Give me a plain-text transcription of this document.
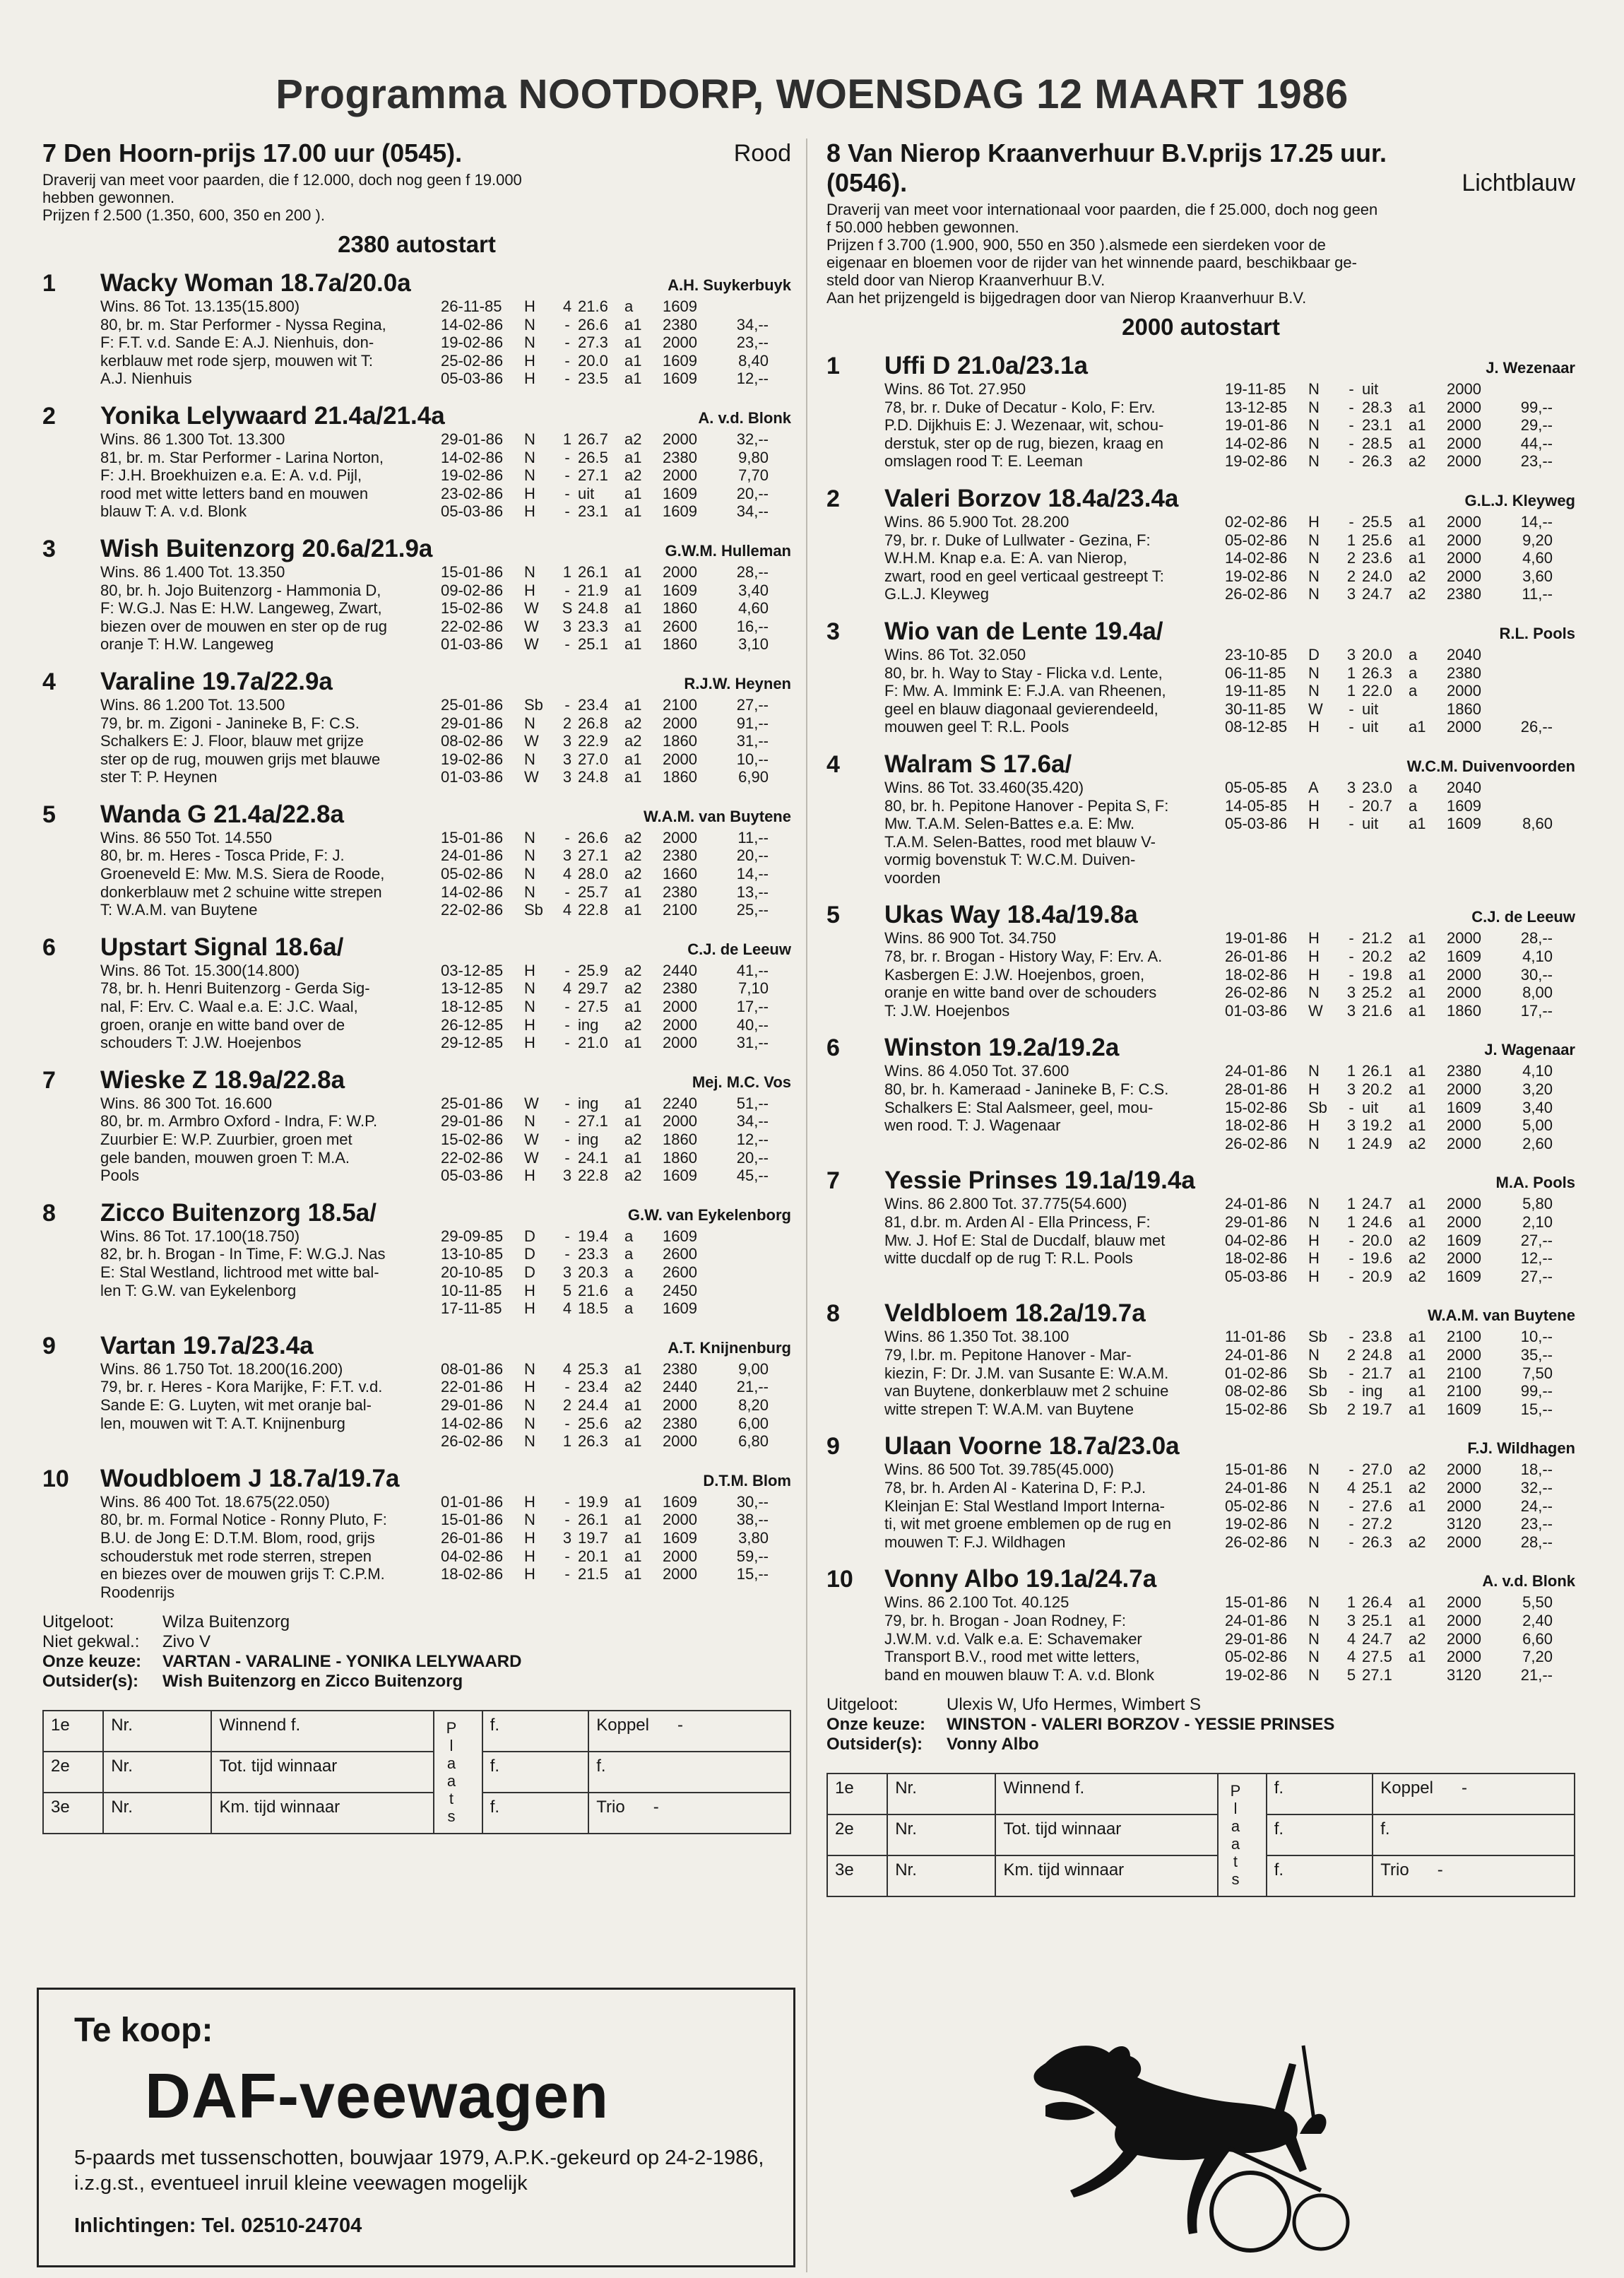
Programma NOOTDORP, WOENSDAG 12 MAART 1986
7 Den Hoorn-prijs 17.00 uur (0545).	Rood
Draverij van meet voor paarden, die f 12.000, doch nog geen f 19.000
hebben gewonnen.
Prijzen f 2.500 (1.350, 600, 350 en 200 ).
2380 autostart
1	Wacky Woman 18.7a/20.0a	A.H. Suykerbuyk
Wins. 86 Tot. 13.135(15.800)
80, br. m. Star Performer - Nyssa Regina,
F: F.T. v.d. Sande E: A.J. Nienhuis, don-
kerblauw met rode sjerp, mouwen wit T:
A.J. Nienhuis
26-11-85	H	4 21.6	a	1609
14-02-86	N	- 26.6	a1	2380	34,--
19-02-86	N	- 27.3	a1	2000	23,--
25-02-86	H	- 20.0	a1	1609	8,40
05-03-86	H	- 23.5	a1	1609	12,--
2	Yonika Lelywaard 21.4a/21.4a	A. v.d. Blonk
Wins. 86 1.300 Tot. 13.300
81, br. m. Star Performer - Larina Norton,
F: J.H. Broekhuizen e.a. E: A. v.d. Pijl,
rood met witte letters band en mouwen
blauw T: A. v.d. Blonk
29-01-86	N	1 26.7	a2	2000	32,--
14-02-86	N	- 26.5	a1	2380	9,80
19-02-86	N	- 27.1	a2	2000	7,70
23-02-86	H	- uit	a1	1609	20,--
05-03-86	H	- 23.1	a1	1609	34,--
3	Wish Buitenzorg 20.6a/21.9a	G.W.M. Hulleman
Wins. 86 1.400 Tot. 13.350
80, br. h. Jojo Buitenzorg - Hammonia D,
F: W.G.J. Nas E: H.W. Langeweg, Zwart,
biezen over de mouwen en ster op de rug
oranje T: H.W. Langeweg
15-01-86	N	1 26.1	a1	2000	28,--
09-02-86	H	- 21.9	a1	1609	3,40
15-02-86	W	S 24.8	a1	1860	4,60
22-02-86	W	3 23.3	a1	2600	16,--
01-03-86	W	- 25.1	a1	1860	3,10
4	Varaline 19.7a/22.9a	R.J.W. Heynen
Wins. 86 1.200 Tot. 13.500
79, br. m. Zigoni - Janineke B, F: C.S.
Schalkers E: J. Floor, blauw met grijze
ster op de rug, mouwen grijs met blauwe
ster T: P. Heynen
25-01-86	Sb	- 23.4	a1	2100	27,--
29-01-86	N	2 26.8	a2	2000	91,--
08-02-86	W	3 22.9	a2	1860	31,--
19-02-86	N	3 27.0	a1	2000	10,--
01-03-86	W	3 24.8	a1	1860	6,90
5	Wanda G 21.4a/22.8a	W.A.M. van Buytene
Wins. 86 550 Tot. 14.550
80, br. m. Heres - Tosca Pride, F: J.
Groeneveld E: Mw. M.S. Siera de Roode,
donkerblauw met 2 schuine witte strepen
T: W.A.M. van Buytene
15-01-86	N	- 26.6	a2	2000	11,--
24-01-86	N	3 27.1	a2	2380	20,--
05-02-86	N	4 28.0	a2	1660	14,--
14-02-86	N	- 25.7	a1	2380	13,--
22-02-86	Sb	4 22.8	a1	2100	25,--
6	Upstart Signal 18.6a/	C.J. de Leeuw
Wins. 86 Tot. 15.300(14.800)
78, br. h. Henri Buitenzorg - Gerda Sig-
nal, F: Erv. C. Waal e.a. E: J.C. Waal,
groen, oranje en witte band over de
schouders T: J.W. Hoejenbos
03-12-85	H	- 25.9	a2	2440	41,--
13-12-85	N	4 29.7	a2	2380	7,10
18-12-85	N	- 27.5	a1	2000	17,--
26-12-85	H	- ing	a2	2000	40,--
29-12-85	H	- 21.0	a1	2000	31,--
7	Wieske Z 18.9a/22.8a	Mej. M.C. Vos
Wins. 86 300 Tot. 16.600
80, br. m. Armbro Oxford - Indra, F: W.P.
Zuurbier E: W.P. Zuurbier, groen met
gele banden, mouwen groen T: M.A.
Pools
25-01-86	W	- ing	a1	2240	51,--
29-01-86	N	- 27.1	a1	2000	34,--
15-02-86	W	- ing	a2	1860	12,--
22-02-86	W	- 24.1	a1	1860	20,--
05-03-86	H	3 22.8	a2	1609	45,--
8	Zicco Buitenzorg 18.5a/	G.W. van Eykelenborg
Wins. 86 Tot. 17.100(18.750)
82, br. h. Brogan - In Time, F: W.G.J. Nas
E: Stal Westland, lichtrood met witte bal-
len T: G.W. van Eykelenborg
29-09-85	D	- 19.4	a	1609
13-10-85	D	- 23.3	a	2600
20-10-85	D	3 20.3	a	2600
10-11-85	H	5 21.6	a	2450
17-11-85	H	4 18.5	a	1609
9	Vartan 19.7a/23.4a	A.T. Knijnenburg
Wins. 86 1.750 Tot. 18.200(16.200)
79, br. r. Heres - Kora Marijke, F: F.T. v.d.
Sande E: G. Luyten, wit met oranje bal-
len, mouwen wit T: A.T. Knijnenburg
08-01-86	N	4 25.3	a1	2380	9,00
22-01-86	H	- 23.4	a2	2440	21,--
29-01-86	N	2 24.4	a1	2000	8,20
14-02-86	N	- 25.6	a2	2380	6,00
26-02-86	N	1 26.3	a1	2000	6,80
10	Woudbloem J 18.7a/19.7a	D.T.M. Blom
Wins. 86 400 Tot. 18.675(22.050)
80, br. m. Formal Notice - Ronny Pluto, F:
B.U. de Jong E: D.T.M. Blom, rood, grijs
schouderstuk met rode sterren, strepen
en biezes over de mouwen grijs T: C.P.M.
Roodenrijs
01-01-86	H	- 19.9	a1	1609	30,--
15-01-86	N	- 26.1	a1	2000	38,--
26-01-86	H	3 19.7	a1	1609	3,80
04-02-86	H	- 20.1	a1	2000	59,--
18-02-86	H	- 21.5	a1	2000	15,--
Uitgeloot:	Wilza Buitenzorg
Niet gekwal.: Zivo V
Onze keuze: VARTAN - VARALINE - YONIKA LELYWAARD
Outsider(s): Wish Buitenzorg en Zicco Buitenzorg
1e	Nr.	Winnend f.	Plaats	f.	Koppel -
2e	Nr.	Tot. tijd winnaar		f.	f.
3e	Nr.	Km. tijd winnaar		f.	Trio -
8 Van Nierop Kraanverhuur B.V.prijs 17.25 uur.
(0546).	Lichtblauw
Draverij van meet voor internationaal voor paarden, die f 25.000, doch nog geen
f 50.000 hebben gewonnen.
Prijzen f 3.700 (1.900, 900, 550 en 350 ).alsmede een sierdeken voor de
eigenaar en bloemen voor de rijder van het winnende paard, beschikbaar ge-
steld door van Nierop Kraanverhuur B.V.
Aan het prijzengeld is bijgedragen door van Nierop Kraanverhuur B.V.
2000 autostart
1	Uffi D 21.0a/23.1a	J. Wezenaar
Wins. 86 Tot. 27.950
78, br. r. Duke of Decatur - Kolo, F: Erv.
P.D. Dijkhuis E: J. Wezenaar, wit, schou-
derstuk, ster op de rug, biezen, kraag en
omslagen rood T: E. Leeman
19-11-85	N	- uit	2000
13-12-85	N	- 28.3	a1	2000	99,--
19-01-86	N	- 23.1	a1	2000	29,--
14-02-86	N	- 28.5	a1	2000	44,--
19-02-86	N	- 26.3	a2	2000	23,--
2	Valeri Borzov 18.4a/23.4a	G.L.J. Kleyweg
Wins. 86 5.900 Tot. 28.200
79, br. r. Duke of Lullwater - Gezina, F:
W.H.M. Knap e.a. E: A. van Nierop,
zwart, rood en geel verticaal gestreept T:
G.L.J. Kleyweg
02-02-86	H	- 25.5	a1	2000	14,--
05-02-86	N	1 25.6	a1	2000	9,20
14-02-86	N	2 23.6	a1	2000	4,60
19-02-86	N	2 24.0	a2	2000	3,60
26-02-86	N	3 24.7	a2	2380	11,--
3	Wio van de Lente 19.4a/	R.L. Pools
Wins. 86 Tot. 32.050
80, br. h. Way to Stay - Flicka v.d. Lente,
F: Mw. A. Immink E: F.J.A. van Rheenen,
geel en blauw diagonaal gevierendeeld,
mouwen geel T: R.L. Pools
23-10-85	D	3 20.0	a	2040
06-11-85	N	1 26.3	a	2380
19-11-85	N	1 22.0	a	2000
30-11-85	W	- uit	1860
08-12-85	H	- uit	a1	2000	26,--
4	Walram S 17.6a/	W.C.M. Duivenvoorden
Wins. 86 Tot. 33.460(35.420)
80, br. h. Pepitone Hanover - Pepita S, F:
Mw. T.A.M. Selen-Battes e.a. E: Mw.
T.A.M. Selen-Battes, rood met blauw V-
vormig bovenstuk T: W.C.M. Duiven-
voorden
05-05-85	A	3 23.0	a	2040
14-05-85	H	- 20.7	a	1609
05-03-86	H	- uit	a1	1609	8,60
5	Ukas Way 18.4a/19.8a	C.J. de Leeuw
Wins. 86 900 Tot. 34.750
78, br. r. Brogan - History Way, F: Erv. A.
Kasbergen E: J.W. Hoejenbos, groen,
oranje en witte band over de schouders
T: J.W. Hoejenbos
19-01-86	H	- 21.2	a1	2000	28,--
26-01-86	H	- 20.2	a2	1609	4,10
18-02-86	H	- 19.8	a1	2000	30,--
26-02-86	N	3 25.2	a1	2000	8,00
01-03-86	W	3 21.6	a1	1860	17,--
6	Winston 19.2a/19.2a	J. Wagenaar
Wins. 86 4.050 Tot. 37.600
80, br. h. Kameraad - Janineke B, F: C.S.
Schalkers E: Stal Aalsmeer, geel, mou-
wen rood. T: J. Wagenaar
24-01-86	N	1 26.1	a1	2380	4,10
28-01-86	H	3 20.2	a1	2000	3,20
15-02-86	Sb	- uit	a1	1609	3,40
18-02-86	H	3 19.2	a1	2000	5,00
26-02-86	N	1 24.9	a2	2000	2,60
7	Yessie Prinses 19.1a/19.4a	M.A. Pools
Wins. 86 2.800 Tot. 37.775(54.600)
81, d.br. m. Arden Al - Ella Princess, F:
Mw. J. Hof E: Stal de Ducdalf, blauw met
witte ducdalf op de rug T: R.L. Pools
24-01-86	N	1 24.7	a1	2000	5,80
29-01-86	N	1 24.6	a1	2000	2,10
04-02-86	H	- 20.0	a2	1609	27,--
18-02-86	H	- 19.6	a2	2000	12,--
05-03-86	H	- 20.9	a2	1609	27,--
8	Veldbloem 18.2a/19.7a	W.A.M. van Buytene
Wins. 86 1.350 Tot. 38.100
79, l.br. m. Pepitone Hanover - Mar-
kiezin, F: Dr. J.M. van Susante E: W.A.M.
van Buytene, donkerblauw met 2 schuine
witte strepen T: W.A.M. van Buytene
11-01-86	Sb	- 23.8	a1	2100	10,--
24-01-86	N	2 24.8	a1	2000	35,--
01-02-86	Sb	- 21.7	a1	2100	7,50
08-02-86	Sb	- ing	a1	2100	99,--
15-02-86	Sb	2 19.7	a1	1609	15,--
9	Ulaan Voorne 18.7a/23.0a	F.J. Wildhagen
Wins. 86 500 Tot. 39.785(45.000)
78, br. h. Arden Al - Katerina D, F: P.J.
Kleinjan E: Stal Westland Import Interna-
ti, wit met groene emblemen op de rug en
mouwen T: F.J. Wildhagen
15-01-86	N	- 27.0	a2	2000	18,--
24-01-86	N	4 25.1	a2	2000	32,--
05-02-86	N	- 27.6	a1	2000	24,--
19-02-86	N	- 27.2	3120	23,--
26-02-86	N	- 26.3	a2	2000	28,--
10	Vonny Albo 19.1a/24.7a	A. v.d. Blonk
Wins. 86 2.100 Tot. 40.125
79, br. h. Brogan - Joan Rodney, F:
J.W.M. v.d. Valk e.a. E: Schavemaker
Transport B.V., rood met witte letters,
band en mouwen blauw T: A. v.d. Blonk
15-01-86	N	1 26.4	a1	2000	5,50
24-01-86	N	3 25.1	a1	2000	2,40
29-01-86	N	4 24.7	a2	2000	6,60
05-02-86	N	4 27.5	a1	2000	7,20
19-02-86	N	5 27.1	3120	21,--
Uitgeloot:	Ulexis W, Ufo Hermes, Wimbert S
Onze keuze: WINSTON - VALERI BORZOV - YESSIE PRINSES
Outsider(s): Vonny Albo
1e	Nr.	Winnend f.	Plaats	f.	Koppel -
2e	Nr.	Tot. tijd winnaar		f.	f.
3e	Nr.	Km. tijd winnaar		f.	Trio -
Te koop:
DAF-veewagen
5-paards met tussenschotten, bouwjaar 1979, A.P.K.-gekeurd op 24-2-1986, i.z.g.st., eventueel inruil kleine veewagen mogelijk
Inlichtingen: Tel. 02510-24704
